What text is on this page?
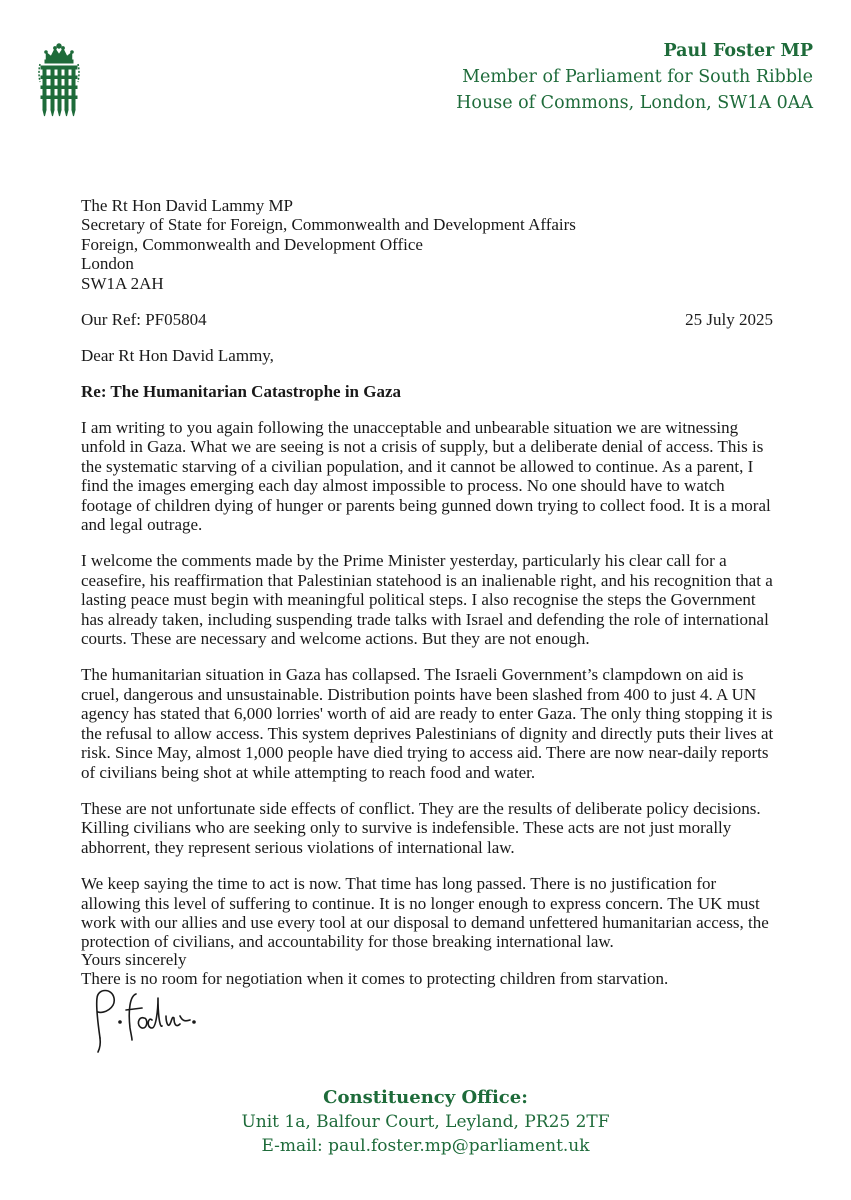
Paul Foster MP
Member of Parliament for South Ribble
House of Commons, London, SW1A 0AA
The Rt Hon David Lammy MP
Secretary of State for Foreign, Commonwealth and Development Affairs
Foreign, Commonwealth and Development Office
London
SW1A 2AH
Our Ref: PF05804	25 July 2025
Dear Rt Hon David Lammy,
Re: The Humanitarian Catastrophe in Gaza

I am writing to you again following the unacceptable and unbearable situation we are witnessing unfold in Gaza. What we are seeing is not a crisis of supply, but a deliberate denial of access. This is the systematic starving of a civilian population, and it cannot be allowed to continue. As a parent, I find the images emerging each day almost impossible to process. No one should have to watch footage of children dying of hunger or parents being gunned down trying to collect food. It is a moral and legal outrage.

I welcome the comments made by the Prime Minister yesterday, particularly his clear call for a ceasefire, his reaffirmation that Palestinian statehood is an inalienable right, and his recognition that a lasting peace must begin with meaningful political steps. I also recognise the steps the Government has already taken, including suspending trade talks with Israel and defending the role of international courts. These are necessary and welcome actions. But they are not enough.

The humanitarian situation in Gaza has collapsed. The Israeli Government’s clampdown on aid is cruel, dangerous and unsustainable. Distribution points have been slashed from 400 to just 4. A UN agency has stated that 6,000 lorries' worth of aid are ready to enter Gaza. The only thing stopping it is the refusal to allow access. This system deprives Palestinians of dignity and directly puts their lives at risk. Since May, almost 1,000 people have died trying to access aid. There are now near-daily reports of civilians being shot at while attempting to reach food and water.

These are not unfortunate side effects of conflict. They are the results of deliberate policy decisions. Killing civilians who are seeking only to survive is indefensible. These acts are not just morally abhorrent, they represent serious violations of international law.

We keep saying the time to act is now. That time has long passed. There is no justification for allowing this level of suffering to continue. It is no longer enough to express concern. The UK must work with our allies and use every tool at our disposal to demand unfettered humanitarian access, the protection of civilians, and accountability for those breaking international law.

There is no room for negotiation when it comes to protecting children from starvation.

Yours sincerely
Constituency Office:
Unit 1a, Balfour Court, Leyland, PR25 2TF
E-mail: paul.foster.mp@parliament.uk
